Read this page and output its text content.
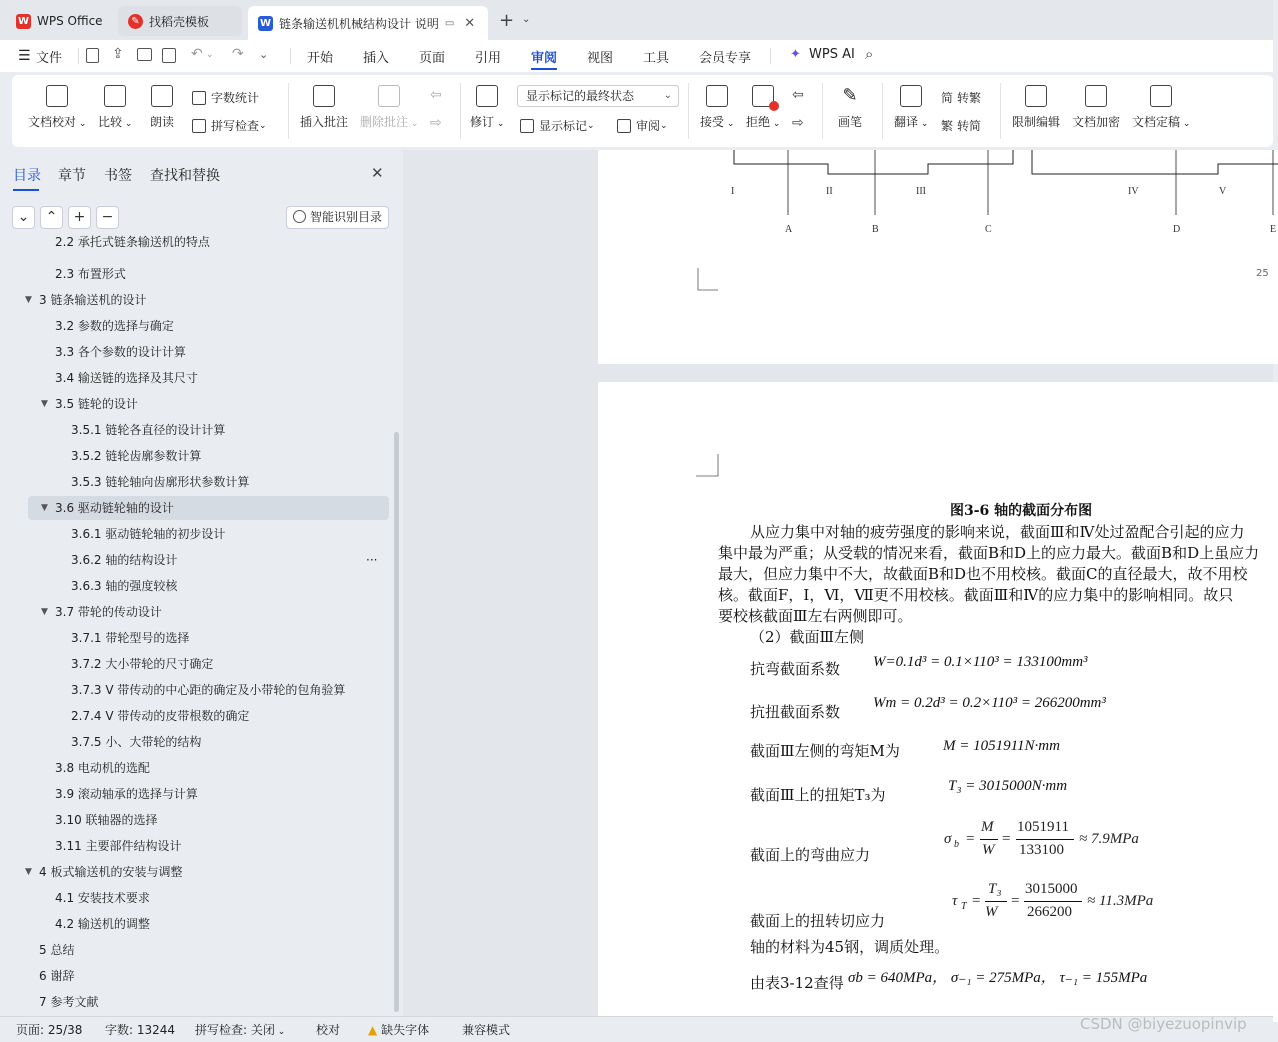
W WPS Office	✎ 找稻壳模板	W 链条输送机机械结构设计 说明 ▭ ✕ + ⌄
☰ 文件	⇪	↶ ⌄ ↷ ⌄	开始 插入 页面 引用 审阅 视图 工具 会员专享	✦ WPS AI ⌕
文档校对 ⌄ 比较 ⌄ 朗读
字数统计
拼写检查 ⌄	插入批注 删除批注 ⌄
⇦
⇨ 修订 ⌄
显示标记的最终状态	⌄
显示标记 ⌄	审阅 ⌄	接受 ⌄ 拒绝 ⌄
⇦
⇨
✎
画笔	翻译 ⌄
简 转繁
繁 转简	限制编辑 文档加密 文档定稿 ⌄
目录 章节 书签 查找和替换	✕
⌄	⌃	+	−	智能识别目录
2.2 承托式链条输送机的特点
2.3 布置形式
▼ 3 链条输送机的设计
3.2 参数的选择与确定
3.3 各个参数的设计计算
3.4 输送链的选择及其尺寸
▼ 3.5 链轮的设计
3.5.1 链轮各直径的设计计算
3.5.2 链轮齿廓参数计算
3.5.3 链轮轴向齿廓形状参数计算
▼ 3.6 驱动链轮轴的设计
3.6.1 驱动链轮轴的初步设计
3.6.2 轴的结构设计	···
3.6.3 轴的强度较核
▼ 3.7 带轮的传动设计
3.7.1 带轮型号的选择
3.7.2 大小带轮的尺寸确定
3.7.3 V 带传动的中心距的确定及小带轮的包角验算
2.7.4 V 带传动的皮带根数的确定
3.7.5 小、大带轮的结构
3.8 电动机的选配
3.9 滚动轴承的选择与计算
3.10 联轴器的选择
3.11 主要部件结构设计
▼ 4 板式输送机的安装与调整
4.1 安装技术要求
4.2 输送机的调整
5 总结
6 谢辞
7 参考文献
I	II	III	IV	V
A	B	C	D	E
25
图3-6 轴的截面分布图
从应力集中对轴的疲劳强度的影响来说，截面Ⅲ和Ⅳ处过盈配合引起的应力
集中最为严重；从受载的情况来看，截面B和D上的应力最大。截面B和D上虽应力
最大，但应力集中不大，故截面B和D也不用校核。截面C的直径最大，故不用校
核。截面F，Ⅰ，Ⅵ，Ⅶ更不用校核。截面Ⅲ和Ⅳ的应力集中的影响相同。故只
要校核截面Ⅲ左右两侧即可。
（2）截面Ⅲ左侧
抗弯截面系数 W=0.1d³ = 0.1×110³ = 133100mm³
抗扭截面系数 Wт = 0.2d³ = 0.2×110³ = 266200mm³
截面Ⅲ左侧的弯矩M为	M = 1051911N·mm
截面Ⅲ上的扭矩T₃为	T₃ = 3015000N·mm
截面上的弯曲应力
σ b =
M
W
=
1051911
133100
≈ 7.9MPa
截面上的扭转切应力
τ T =
T₃
W
=
3015000
266200
≈ 11.3MPa
轴的材料为45钢，调质处理。
由表3-12查得 σb = 640MPa， σ₋₁ = 275MPa， τ₋₁ = 155MPa
页面: 25/38 字数: 13244 拼写检查: 关闭 ⌄	校对 ▲ 缺失字体	兼容模式	CSDN @biyezuopinvip
